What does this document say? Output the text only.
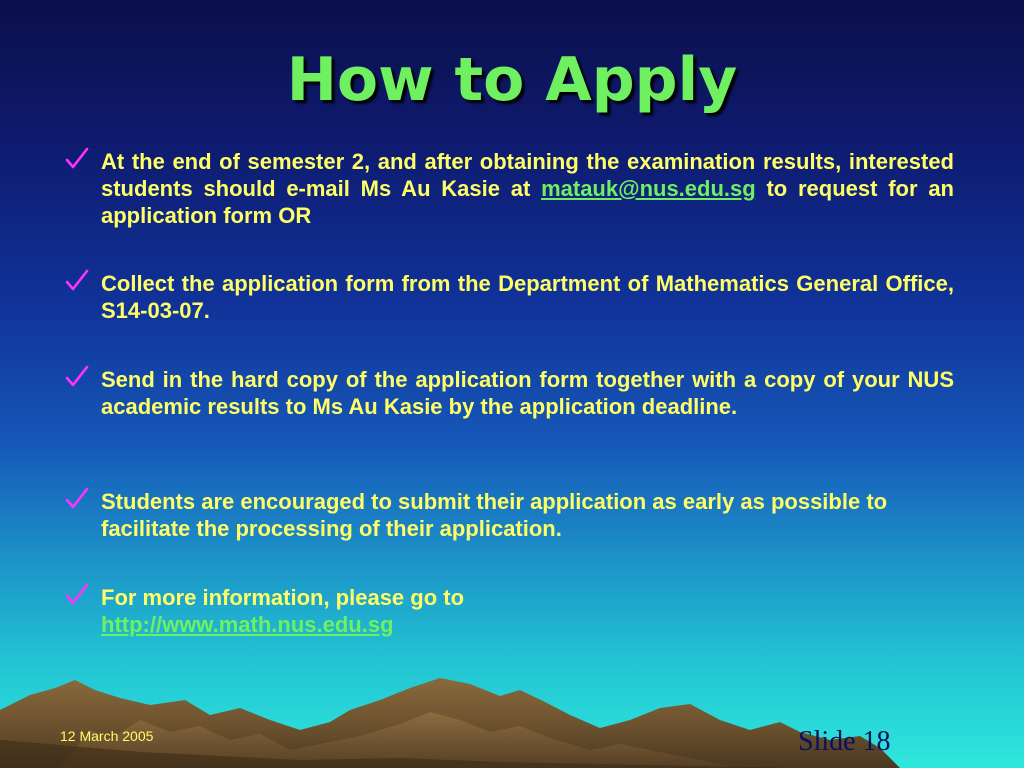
How to Apply
At the end of semester 2, and after obtaining the examination results, interested students should e-mail Ms Au Kasie at matauk@nus.edu.sg to request for an application form OR
Collect the application form from the Department of Mathematics General Office, S14-03-07.
Send in the hard copy of the application form together with a copy of your NUS academic results to Ms Au Kasie by the application deadline.
Students are encouraged to submit their application as early as possible to facilitate the processing of their application.
For more information, please go to
http://www.math.nus.edu.sg
12 March 2005	Slide 18
